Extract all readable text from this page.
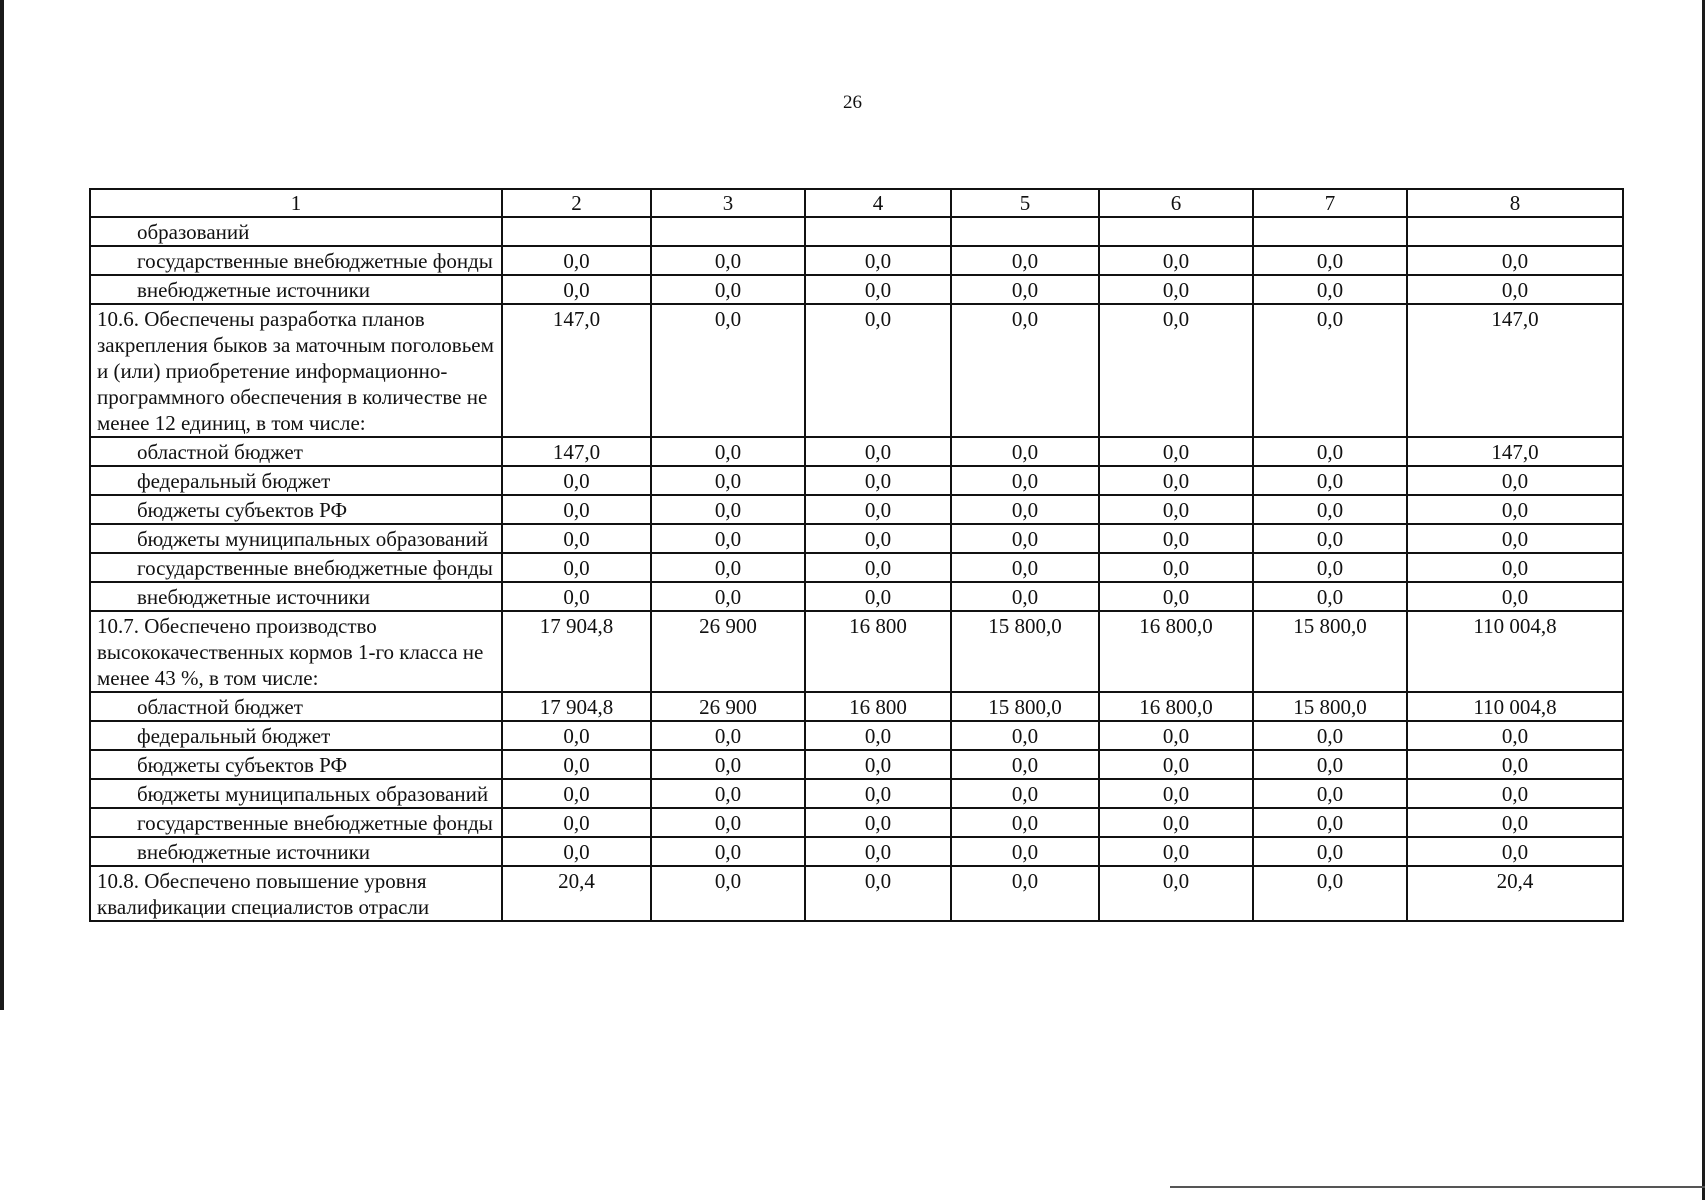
26
1	2	3	4	5	6	7	8
образований							
государственные внебюджетные фонды	0,0	0,0	0,0	0,0	0,0	0,0	0,0
внебюджетные источники	0,0	0,0	0,0	0,0	0,0	0,0	0,0
10.6. Обеспечены разработка планов закрепления быков за маточным поголовьем и (или) приобретение информационно-программного обеспечения в количестве не менее 12 единиц, в том числе:	147,0	0,0	0,0	0,0	0,0	0,0	147,0
областной бюджет	147,0	0,0	0,0	0,0	0,0	0,0	147,0
федеральный бюджет	0,0	0,0	0,0	0,0	0,0	0,0	0,0
бюджеты субъектов РФ	0,0	0,0	0,0	0,0	0,0	0,0	0,0
бюджеты муниципальных образований	0,0	0,0	0,0	0,0	0,0	0,0	0,0
государственные внебюджетные фонды	0,0	0,0	0,0	0,0	0,0	0,0	0,0
внебюджетные источники	0,0	0,0	0,0	0,0	0,0	0,0	0,0
10.7. Обеспечено производство высококачественных кормов 1-го класса не менее 43 %, в том числе:	17 904,8	26 900	16 800	15 800,0	16 800,0	15 800,0	110 004,8
областной бюджет	17 904,8	26 900	16 800	15 800,0	16 800,0	15 800,0	110 004,8
федеральный бюджет	0,0	0,0	0,0	0,0	0,0	0,0	0,0
бюджеты субъектов РФ	0,0	0,0	0,0	0,0	0,0	0,0	0,0
бюджеты муниципальных образований	0,0	0,0	0,0	0,0	0,0	0,0	0,0
государственные внебюджетные фонды	0,0	0,0	0,0	0,0	0,0	0,0	0,0
внебюджетные источники	0,0	0,0	0,0	0,0	0,0	0,0	0,0
10.8. Обеспечено повышение уровня квалификации специалистов отрасли	20,4	0,0	0,0	0,0	0,0	0,0	20,4
